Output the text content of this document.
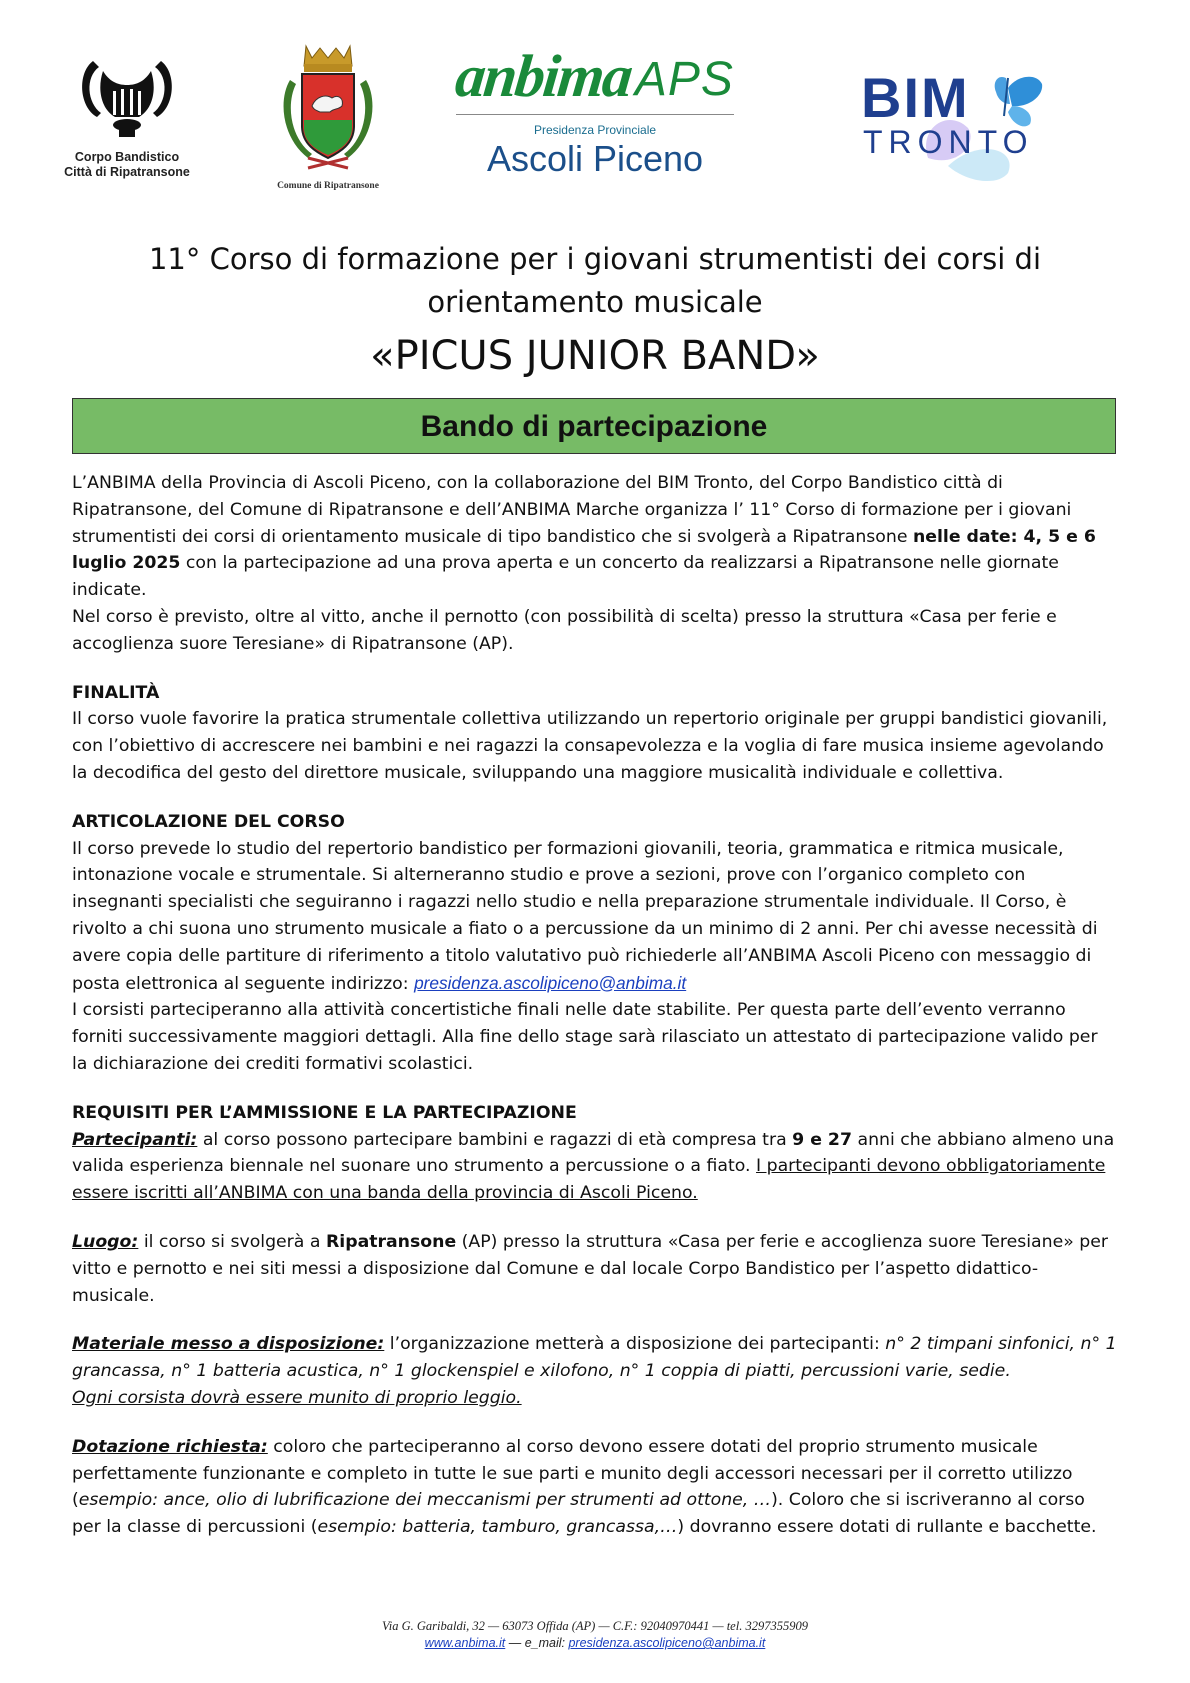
Corpo Bandistico
Città di Ripatransone
Comune di Ripatransone
anbima APS
Presidenza Provinciale
Ascoli Piceno
BIM
TRONTO
11° Corso di formazione per i giovani strumentisti dei corsi di
orientamento musicale
«PICUS JUNIOR BAND»
Bando di partecipazione

L’ANBIMA della Provincia di Ascoli Piceno, con la collaborazione del BIM Tronto, del Corpo Bandistico città di Ripatransone, del Comune di Ripatransone e dell’ANBIMA Marche organizza l’ 11° Corso di formazione per i giovani strumentisti dei corsi di orientamento musicale di tipo bandistico che si svolgerà a Ripatransone nelle date: 4, 5 e 6 luglio 2025 con la partecipazione ad una prova aperta e un concerto da realizzarsi a Ripatransone nelle giornate indicate.

Nel corso è previsto, oltre al vitto, anche il pernotto (con possibilità di scelta) presso la struttura «Casa per ferie e accoglienza suore Teresiane» di Ripatransone (AP).

FINALITÀ

Il corso vuole favorire la pratica strumentale collettiva utilizzando un repertorio originale per gruppi bandistici giovanili, con l’obiettivo di accrescere nei bambini e nei ragazzi la consapevolezza e la voglia di fare musica insieme agevolando la decodifica del gesto del direttore musicale, sviluppando una maggiore musicalità individuale e collettiva.

ARTICOLAZIONE DEL CORSO

Il corso prevede lo studio del repertorio bandistico per formazioni giovanili, teoria, grammatica e ritmica musicale, intonazione vocale e strumentale. Si alterneranno studio e prove a sezioni, prove con l’organico completo con insegnanti specialisti che seguiranno i ragazzi nello studio e nella preparazione strumentale individuale. Il Corso, è rivolto a chi suona uno strumento musicale a fiato o a percussione da un minimo di 2 anni. Per chi avesse necessità di avere copia delle partiture di riferimento a titolo valutativo può richiederle all’ANBIMA Ascoli Piceno con messaggio di posta elettronica al seguente indirizzo: presidenza.ascolipiceno@anbima.it

I corsisti parteciperanno alla attività concertistiche finali nelle date stabilite. Per questa parte dell’evento verranno forniti successivamente maggiori dettagli. Alla fine dello stage sarà rilasciato un attestato di partecipazione valido per la dichiarazione dei crediti formativi scolastici.

REQUISITI PER L’AMMISSIONE E LA PARTECIPAZIONE

Partecipanti: al corso possono partecipare bambini e ragazzi di età compresa tra 9 e 27 anni che abbiano almeno una valida esperienza biennale nel suonare uno strumento a percussione o a fiato. I partecipanti devono obbligatoriamente essere iscritti all’ANBIMA con una banda della provincia di Ascoli Piceno.

Luogo: il corso si svolgerà a Ripatransone (AP) presso la struttura «Casa per ferie e accoglienza suore Teresiane» per vitto e pernotto e nei siti messi a disposizione dal Comune e dal locale Corpo Bandistico per l’aspetto didattico-musicale.

Materiale messo a disposizione: l’organizzazione metterà a disposizione dei partecipanti: n° 2 timpani sinfonici, n° 1 grancassa, n° 1 batteria acustica, n° 1 glockenspiel e xilofono, n° 1 coppia di piatti, percussioni varie, sedie.
Ogni corsista dovrà essere munito di proprio leggio.

Dotazione richiesta: coloro che parteciperanno al corso devono essere dotati del proprio strumento musicale perfettamente funzionante e completo in tutte le sue parti e munito degli accessori necessari per il corretto utilizzo (esempio: ance, olio di lubrificazione dei meccanismi per strumenti ad ottone, …). Coloro che si iscriveranno al corso per la classe di percussioni (esempio: batteria, tamburo, grancassa,…) dovranno essere dotati di rullante e bacchette.

Via G. Garibaldi, 32 — 63073 Offida (AP) — C.F.: 92040970441 — tel. 3297355909
www.anbima.it — e_mail: presidenza.ascolipiceno@anbima.it
